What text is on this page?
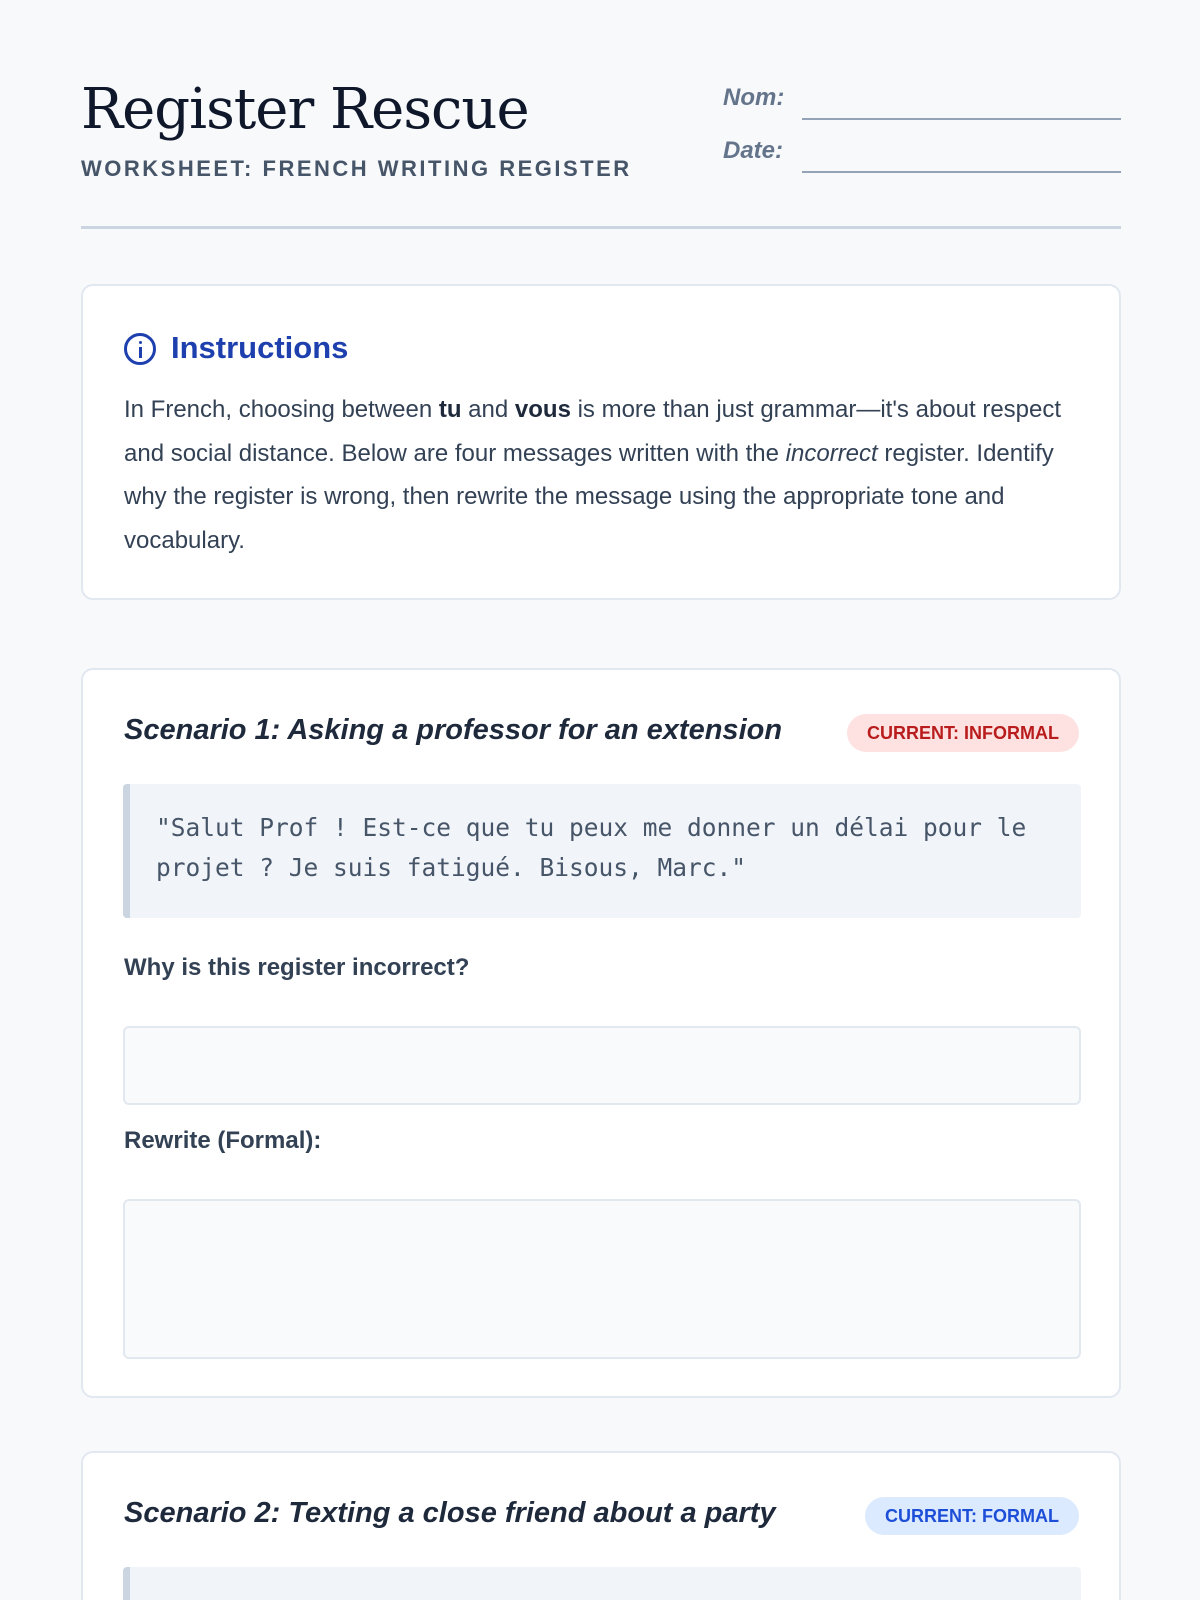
Register Rescue
WORKSHEET: FRENCH WRITING REGISTER
Nom:
Date:
Instructions

In French, choosing between tu and vous is more than just grammar—it's about respect and social distance. Below are four messages written with the incorrect register. Identify why the register is wrong, then rewrite the message using the appropriate tone and vocabulary.

Scenario 1: Asking a professor for an extension	CURRENT: INFORMAL
"Salut Prof ! Est-ce que tu peux me donner un délai pour le projet ? Je suis fatigué. Bisous, Marc."
Why is this register incorrect?
Rewrite (Formal):
Scenario 2: Texting a close friend about a party	CURRENT: FORMAL
